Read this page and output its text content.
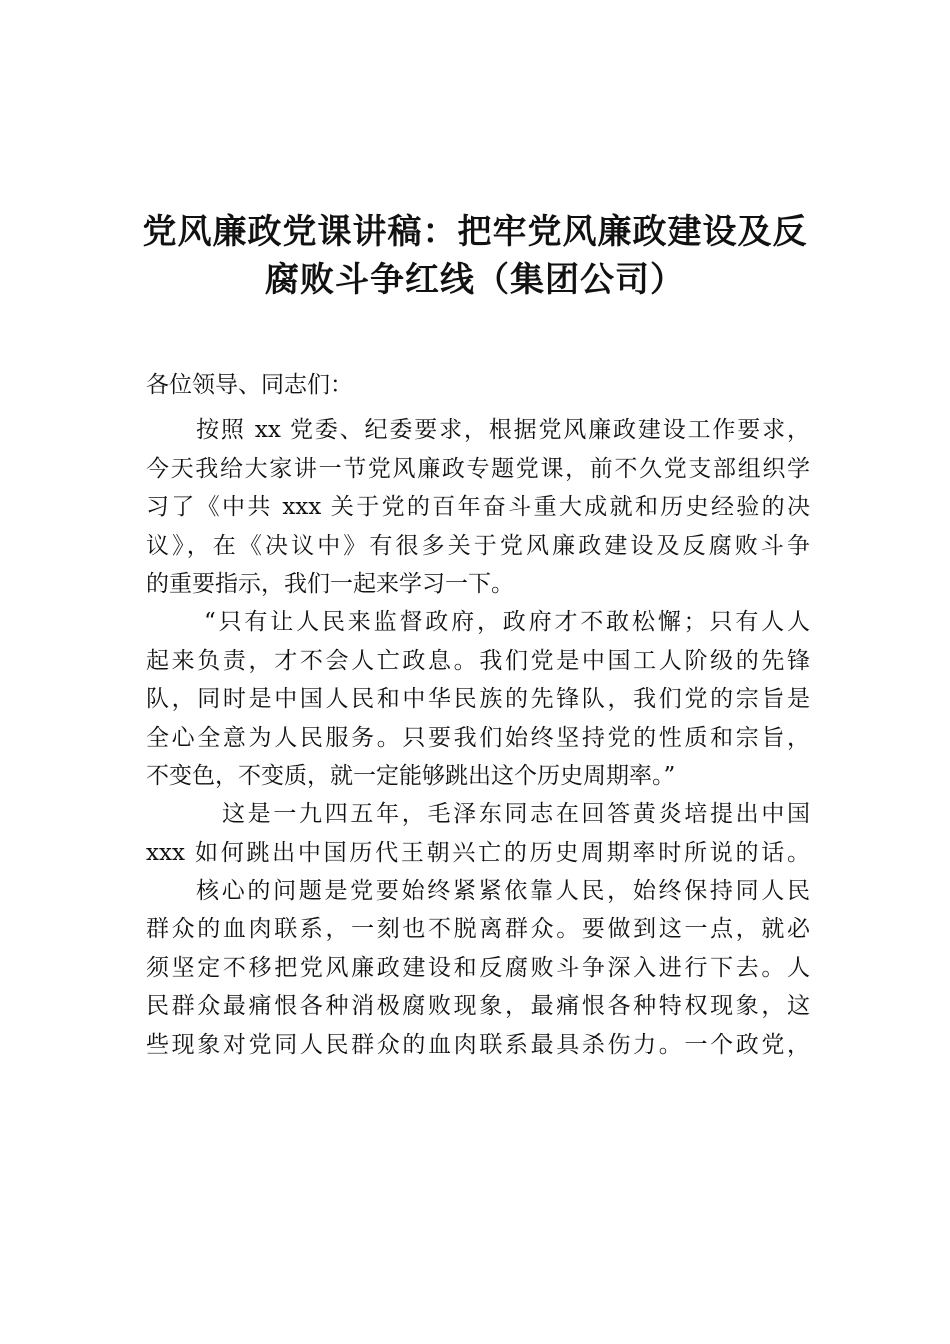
党风廉政党课讲稿：把牢党风廉政建设及反
腐败斗争红线（集团公司）
各位领导、同志们：
按照 xx 党委、纪委要求，根据党风廉政建设工作要求，
今天我给大家讲一节党风廉政专题党课，前不久党支部组织学
习了《中共 xxx 关于党的百年奋斗重大成就和历史经验的决
议》，在《决议中》有很多关于党风廉政建设及反腐败斗争
的重要指示，我们一起来学习一下。
“只有让人民来监督政府，政府才不敢松懈；只有人人
起来负责，才不会人亡政息。我们党是中国工人阶级的先锋
队，同时是中国人民和中华民族的先锋队，我们党的宗旨是
全心全意为人民服务。只要我们始终坚持党的性质和宗旨，
不变色，不变质，就一定能够跳出这个历史周期率。”
这是一九四五年，毛泽东同志在回答黄炎培提出中国
xxx 如何跳出中国历代王朝兴亡的历史周期率时所说的话。
核心的问题是党要始终紧紧依靠人民，始终保持同人民
群众的血肉联系，一刻也不脱离群众。要做到这一点，就必
须坚定不移把党风廉政建设和反腐败斗争深入进行下去。人
民群众最痛恨各种消极腐败现象，最痛恨各种特权现象，这
些现象对党同人民群众的血肉联系最具杀伤力。一个政党，
